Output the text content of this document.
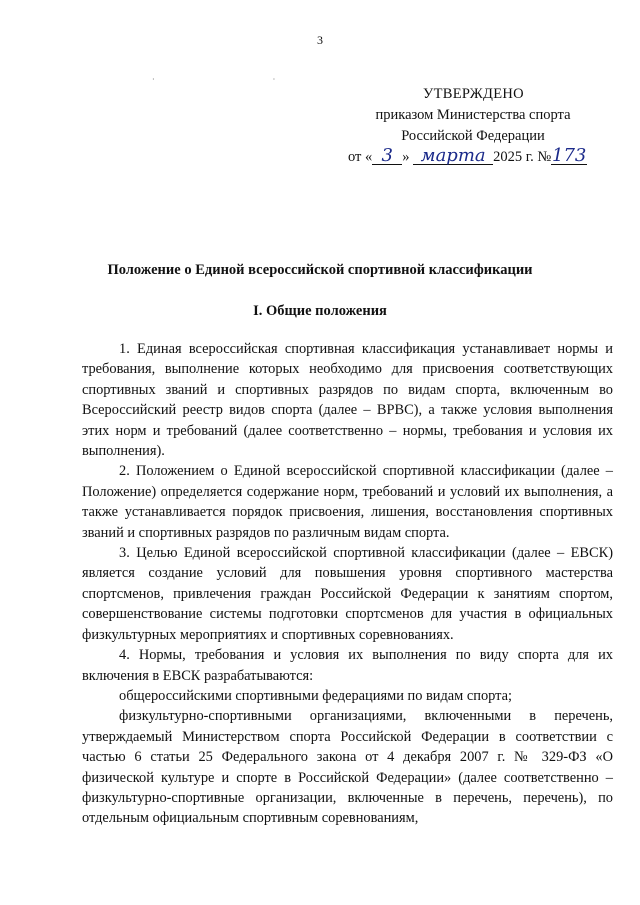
3
· ·
УТВЕРЖДЕНО
приказом Министерства спорта
Российской Федерации
от « 3 » марта 2025 г. №173
Положение о Единой всероссийской спортивной классификации
I. Общие положения

1. Единая всероссийская спортивная классификация устанавливает нормы и требования, выполнение которых необходимо для присвоения соответствующих спортивных званий и спортивных разрядов по видам спорта, включенным во Всероссийский реестр видов спорта (далее – ВРВС), а также условия выполнения этих норм и требований (далее соответственно – нормы, требования и условия их выполнения).

2. Положением о Единой всероссийской спортивной классификации (далее – Положение) определяется содержание норм, требований и условий их выполнения, а также устанавливается порядок присвоения, лишения, восстановления спортивных званий и спортивных разрядов по различным видам спорта.

3. Целью Единой всероссийской спортивной классификации (далее – ЕВСК) является создание условий для повышения уровня спортивного мастерства спортсменов, привлечения граждан Российской Федерации к занятиям спортом, совершенствование системы подготовки спортсменов для участия в официальных физкультурных мероприятиях и спортивных соревнованиях.

4. Нормы, требования и условия их выполнения по виду спорта для их включения в ЕВСК разрабатываются:

общероссийскими спортивными федерациями по видам спорта;

физкультурно-спортивными организациями, включенными в перечень, утверждаемый Министерством спорта Российской Федерации в соответствии с частью 6 статьи 25 Федерального закона от 4 декабря 2007 г. № 329-ФЗ «О физической культуре и спорте в Российской Федерации» (далее соответственно – физкультурно-спортивные организации, включенные в перечень, перечень), по отдельным официальным спортивным соревнованиям,
